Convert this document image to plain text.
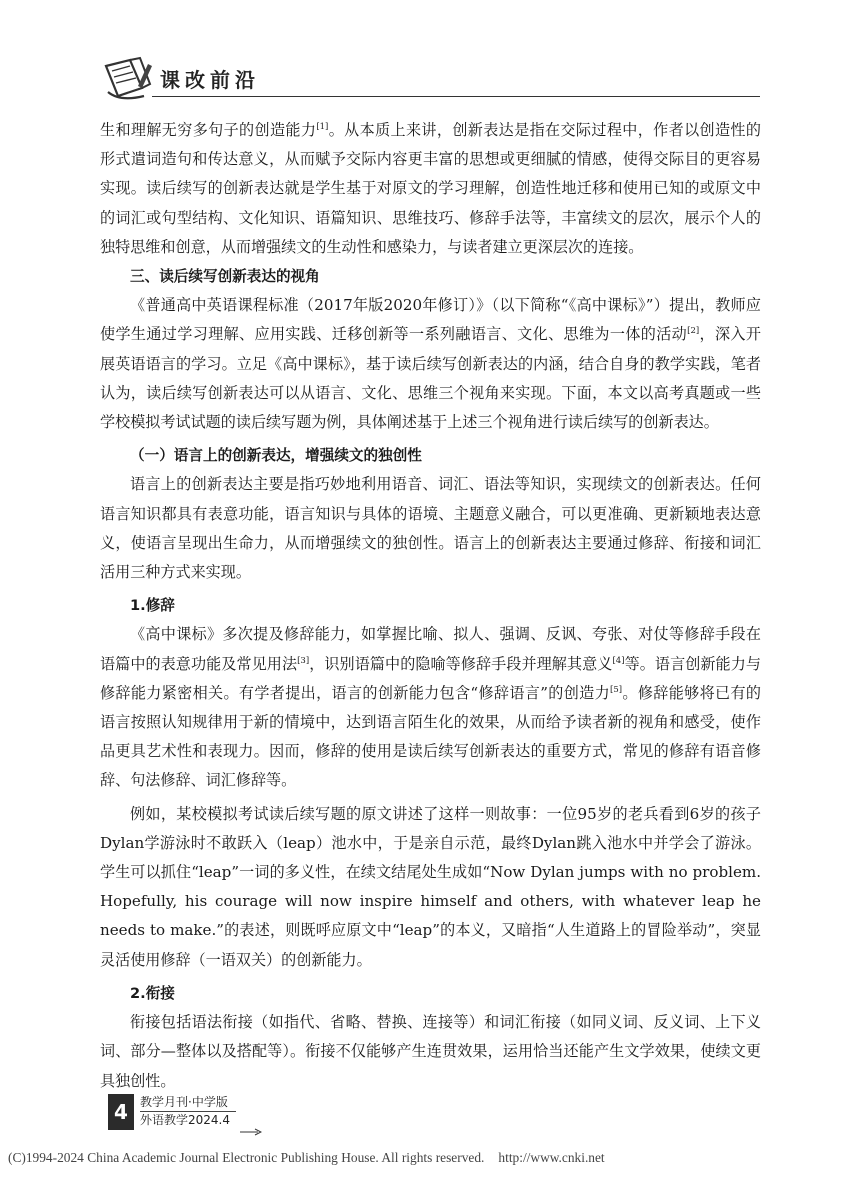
课改前沿

生和理解无穷多句子的创造能力[1]。从本质上来讲，创新表达是指在交际过程中，作者以创造性的形式遣词造句和传达意义，从而赋予交际内容更丰富的思想或更细腻的情感，使得交际目的更容易实现。读后续写的创新表达就是学生基于对原文的学习理解，创造性地迁移和使用已知的或原文中的词汇或句型结构、文化知识、语篇知识、思维技巧、修辞手法等，丰富续文的层次，展示个人的独特思维和创意，从而增强续文的生动性和感染力，与读者建立更深层次的连接。

三、读后续写创新表达的视角

《普通高中英语课程标准（2017年版2020年修订）》（以下简称“《高中课标》”）提出，教师应使学生通过学习理解、应用实践、迁移创新等一系列融语言、文化、思维为一体的活动[2]，深入开展英语语言的学习。立足《高中课标》，基于读后续写创新表达的内涵，结合自身的教学实践，笔者认为，读后续写创新表达可以从语言、文化、思维三个视角来实现。下面，本文以高考真题或一些学校模拟考试试题的读后续写题为例，具体阐述基于上述三个视角进行读后续写的创新表达。

（一）语言上的创新表达，增强续文的独创性

语言上的创新表达主要是指巧妙地利用语音、词汇、语法等知识，实现续文的创新表达。任何语言知识都具有表意功能，语言知识与具体的语境、主题意义融合，可以更准确、更新颖地表达意义，使语言呈现出生命力，从而增强续文的独创性。语言上的创新表达主要通过修辞、衔接和词汇活用三种方式来实现。

1.修辞

《高中课标》多次提及修辞能力，如掌握比喻、拟人、强调、反讽、夸张、对仗等修辞手段在语篇中的表意功能及常见用法[3]，识别语篇中的隐喻等修辞手段并理解其意义[4]等。语言创新能力与修辞能力紧密相关。有学者提出，语言的创新能力包含“修辞语言”的创造力[5]。修辞能够将已有的语言按照认知规律用于新的情境中，达到语言陌生化的效果，从而给予读者新的视角和感受，使作品更具艺术性和表现力。因而，修辞的使用是读后续写创新表达的重要方式，常见的修辞有语音修辞、句法修辞、词汇修辞等。

例如，某校模拟考试读后续写题的原文讲述了这样一则故事：一位95岁的老兵看到6岁的孩子Dylan学游泳时不敢跃入（leap）池水中，于是亲自示范，最终Dylan跳入池水中并学会了游泳。学生可以抓住“leap”一词的多义性，在续文结尾处生成如“Now Dylan jumps with no problem. Hopefully, his courage will now inspire himself and others, with whatever leap he needs to make.”的表述，则既呼应原文中“leap”的本义，又暗指“人生道路上的冒险举动”，突显灵活使用修辞（一语双关）的创新能力。

2.衔接

衔接包括语法衔接（如指代、省略、替换、连接等）和词汇衔接（如同义词、反义词、上下义词、部分—整体以及搭配等）。衔接不仅能够产生连贯效果，运用恰当还能产生文学效果，使续文更具独创性。

4	教学月刊·中学版
外语教学2024.4
(C)1994-2024 China Academic Journal Electronic Publishing House. All rights reserved. http://www.cnki.net
